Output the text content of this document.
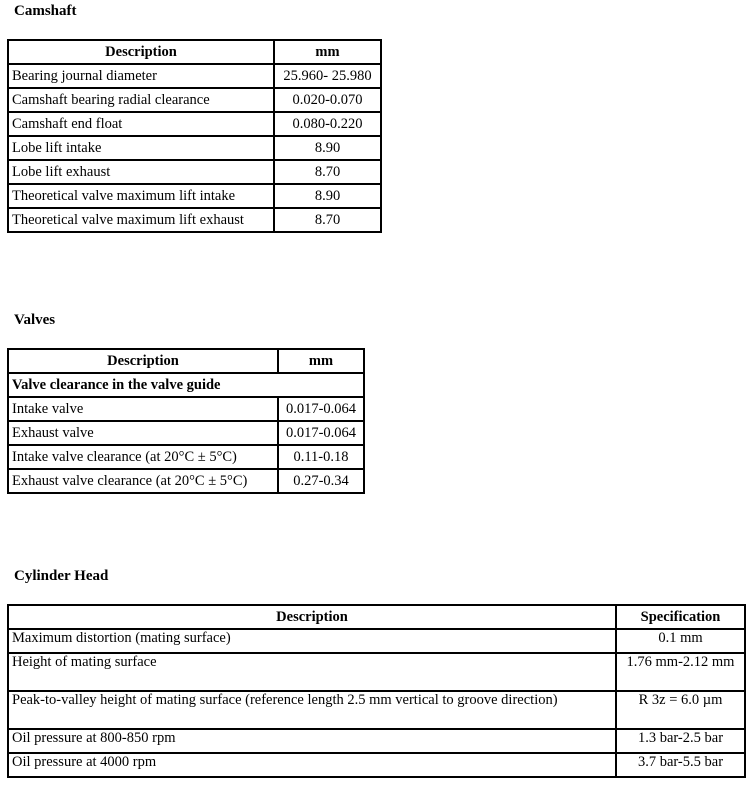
Camshaft
Description	mm
Bearing journal diameter	25.960- 25.980
Camshaft bearing radial clearance	0.020-0.070
Camshaft end float	0.080-0.220
Lobe lift intake	8.90
Lobe lift exhaust	8.70
Theoretical valve maximum lift intake	8.90
Theoretical valve maximum lift exhaust	8.70
Valves
Description	mm
Valve clearance in the valve guide	
Intake valve	0.017-0.064
Exhaust valve	0.017-0.064
Intake valve clearance (at 20°C ± 5°C)	0.11-0.18
Exhaust valve clearance (at 20°C ± 5°C)	0.27-0.34
Cylinder Head
Description	Specification
Maximum distortion (mating surface)	0.1 mm
Height of mating surface	1.76 mm-2.12 mm
Peak-to-valley height of mating surface (reference length 2.5 mm vertical to groove direction)	R 3z = 6.0 µm
Oil pressure at 800-850 rpm	1.3 bar-2.5 bar
Oil pressure at 4000 rpm	3.7 bar-5.5 bar
